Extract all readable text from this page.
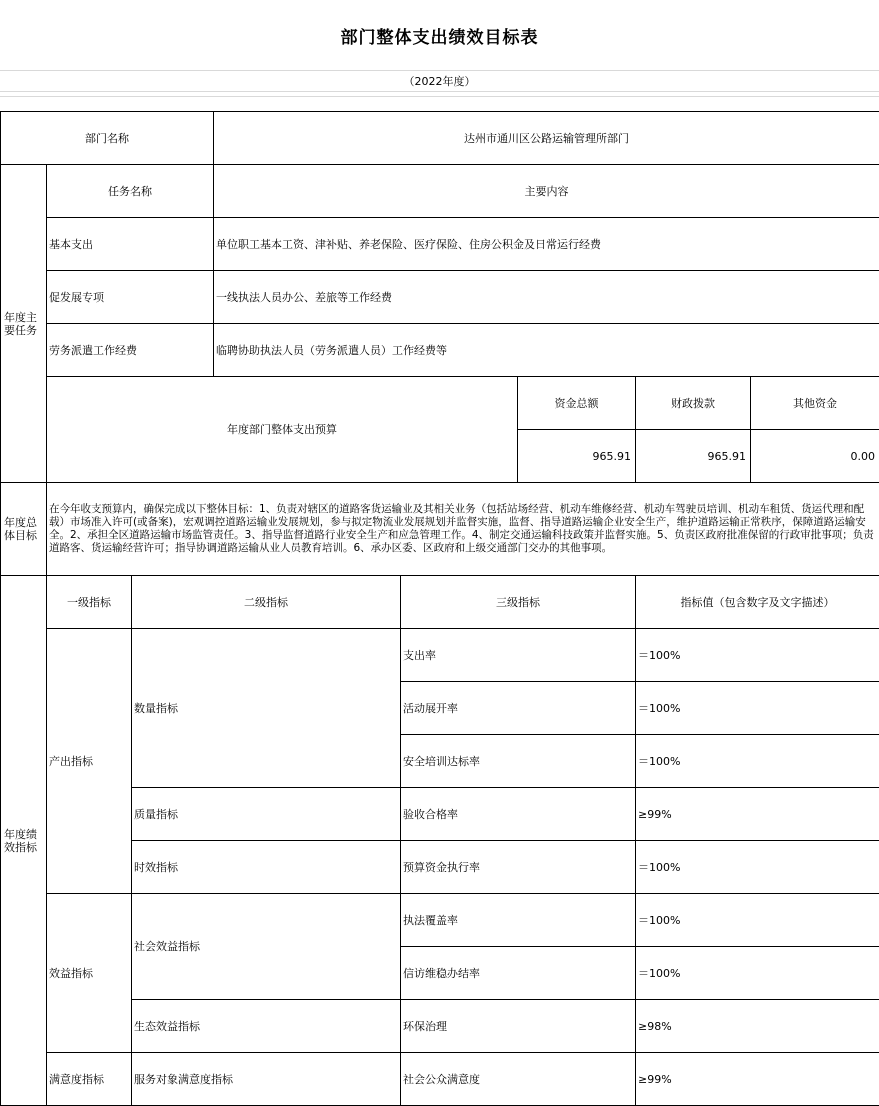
部门整体支出绩效目标表
（2022年度）
部门名称			达州市通川区公路运输管理所部门				
年度主要任务	任务名称		主要内容				
	基本支出		单位职工基本工资、津补贴、养老保险、医疗保险、住房公积金及日常运行经费				
	促发展专项		一线执法人员办公、差旅等工作经费				
	劳务派遣工作经费		临聘协助执法人员（劳务派遣人员）工作经费等				
	年度部门整体支出预算				资金总额	财政拨款	其他资金
					965.91	965.91	0.00

年度总体目标	在今年收支预算内，确保完成以下整体目标：1、负责对辖区的道路客货运输业及其相关业务（包括站场经营、机动车维修经营、机动车驾驶员培训、机动车租赁、货运代理和配载）市场准入许可(或备案)，宏观调控道路运输业发展规划，参与拟定物流业发展规划并监督实施，监督、指导道路运输企业安全生产，维护道路运输正常秩序，保障道路运输安全。2、承担全区道路运输市场监管责任。3、指导监督道路行业安全生产和应急管理工作。4、制定交通运输科技政策并监督实施。5、负责区政府批准保留的行政审批事项；负责道路客、货运输经营许可；指导协调道路运输从业人员教育培训。6、承办区委、区政府和上级交通部门交办的其他事项。						
年度绩效指标	一级指标	二级指标		三级指标		指标值（包含数字及文字描述）	
	产出指标	数量指标		支出率		＝100%	
				活动展开率		＝100%	
				安全培训达标率		＝100%	
		质量指标		验收合格率		≥99%	
		时效指标		预算资金执行率		＝100%	
	效益指标	社会效益指标		执法覆盖率		＝100%	
				信访维稳办结率		＝100%	
		生态效益指标		环保治理		≥98%	
	满意度指标	服务对象满意度指标		社会公众满意度		≥99%	
